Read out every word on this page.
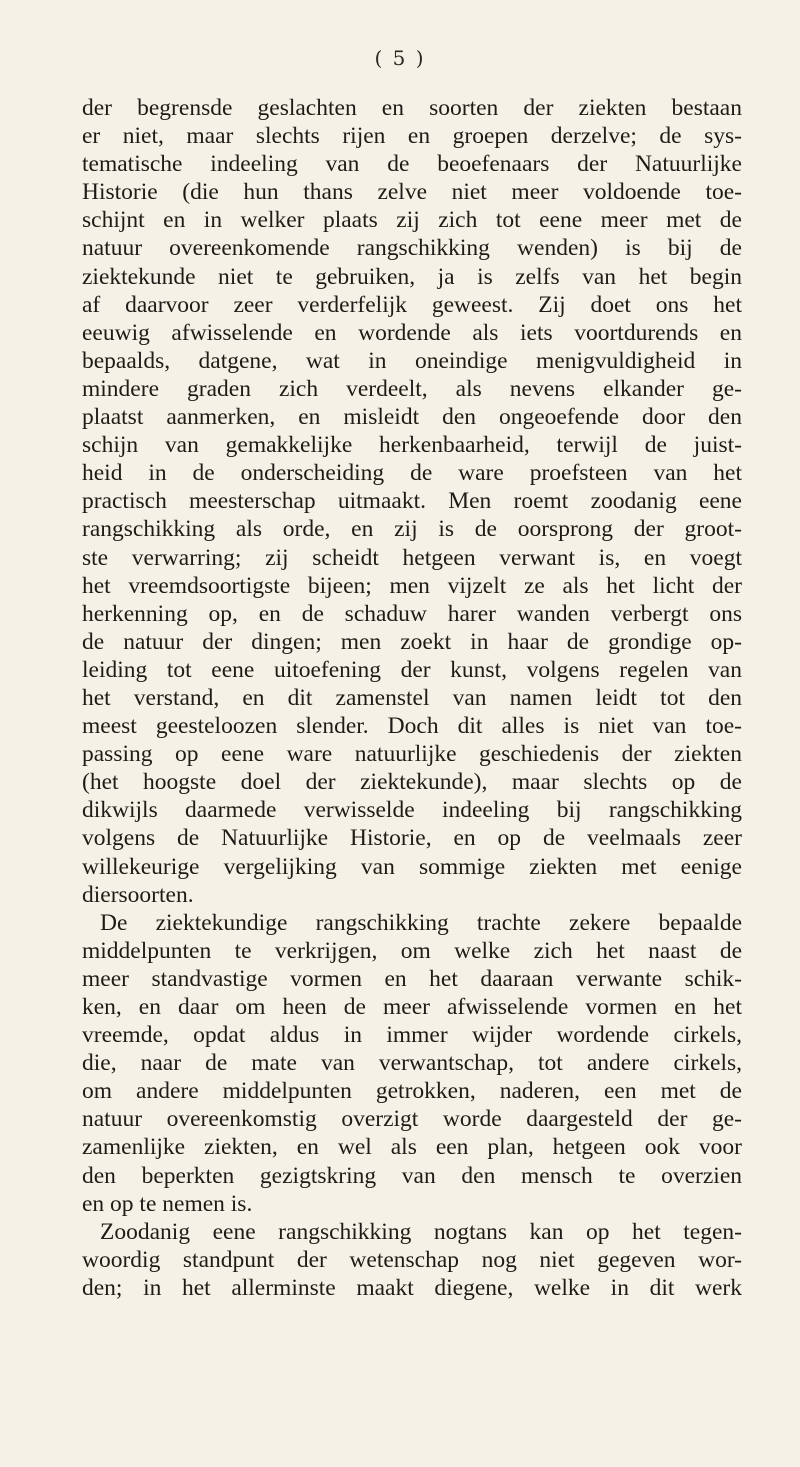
( 5 )
der begrensde geslachten en soorten der ziekten bestaan
er niet, maar slechts rijen en groepen derzelve; de sys-
tematische indeeling van de beoefenaars der Natuurlijke
Historie (die hun thans zelve niet meer voldoende toe-
schijnt en in welker plaats zij zich tot eene meer met de
natuur overeenkomende rangschikking wenden) is bij de
ziektekunde niet te gebruiken, ja is zelfs van het begin
af daarvoor zeer verderfelijk geweest. Zij doet ons het
eeuwig afwisselende en wordende als iets voortdurends en
bepaalds, datgene, wat in oneindige menigvuldigheid in
mindere graden zich verdeelt, als nevens elkander ge-
plaatst aanmerken, en misleidt den ongeoefende door den
schijn van gemakkelijke herkenbaarheid, terwijl de juist-
heid in de onderscheiding de ware proefsteen van het
practisch meesterschap uitmaakt. Men roemt zoodanig eene
rangschikking als orde, en zij is de oorsprong der groot-
ste verwarring; zij scheidt hetgeen verwant is, en voegt
het vreemdsoortigste bijeen; men vijzelt ze als het licht der
herkenning op, en de schaduw harer wanden verbergt ons
de natuur der dingen; men zoekt in haar de grondige op-
leiding tot eene uitoefening der kunst, volgens regelen van
het verstand, en dit zamenstel van namen leidt tot den
meest geesteloozen slender. Doch dit alles is niet van toe-
passing op eene ware natuurlijke geschiedenis der ziekten
(het hoogste doel der ziektekunde), maar slechts op de
dikwijls daarmede verwisselde indeeling bij rangschikking
volgens de Natuurlijke Historie, en op de veelmaals zeer
willekeurige vergelijking van sommige ziekten met eenige
diersoorten.
De ziektekundige rangschikking trachte zekere bepaalde
middelpunten te verkrijgen, om welke zich het naast de
meer standvastige vormen en het daaraan verwante schik-
ken, en daar om heen de meer afwisselende vormen en het
vreemde, opdat aldus in immer wijder wordende cirkels,
die, naar de mate van verwantschap, tot andere cirkels,
om andere middelpunten getrokken, naderen, een met de
natuur overeenkomstig overzigt worde daargesteld der ge-
zamenlijke ziekten, en wel als een plan, hetgeen ook voor
den beperkten gezigtskring van den mensch te overzien
en op te nemen is.
Zoodanig eene rangschikking nogtans kan op het tegen-
woordig standpunt der wetenschap nog niet gegeven wor-
den; in het allerminste maakt diegene, welke in dit werk
